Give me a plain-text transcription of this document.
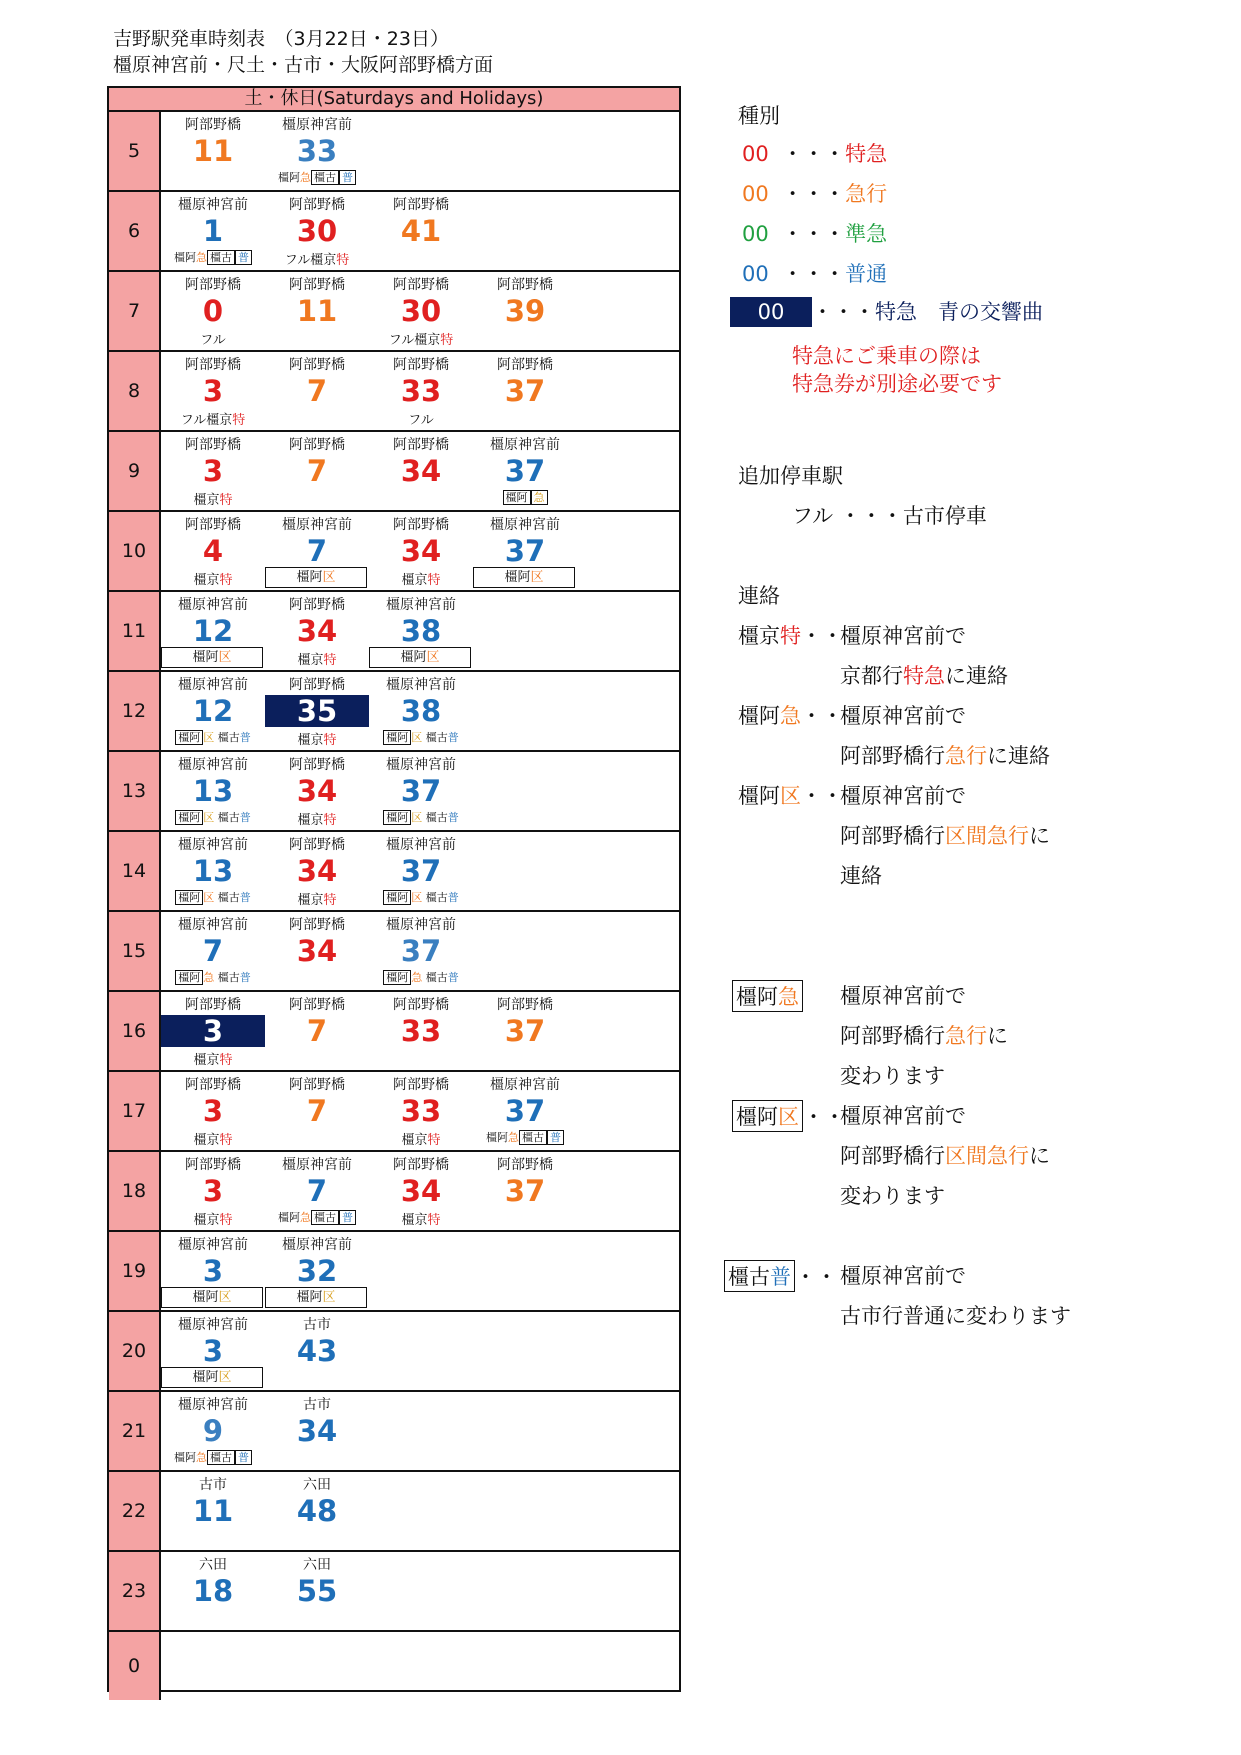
吉野駅発車時刻表　（3月22日・23日）
橿原神宮前・尺土・古市・大阪阿部野橋方面
土・休日(Saturdays and Holidays)
5
阿部野橋
11
橿原神宮前
33
橿阿急 橿古 普
6
橿原神宮前
1
橿阿急 橿古 普
阿部野橋
30
フル橿京特
阿部野橋
41
7
阿部野橋
0
フル
阿部野橋
11
阿部野橋
30
フル橿京特
阿部野橋
39
8
阿部野橋
3
フル橿京特
阿部野橋
7
阿部野橋
33
フル
阿部野橋
37
9
阿部野橋
3
橿京特
阿部野橋
7
阿部野橋
34
橿原神宮前
37
橿阿 急
10
阿部野橋
4
橿京特
橿原神宮前
7
橿阿区
阿部野橋
34
橿京特
橿原神宮前
37
橿阿区
11
橿原神宮前
12
橿阿区
阿部野橋
34
橿京特
橿原神宮前
38
橿阿区
12
橿原神宮前
12
橿阿 区 橿古普
阿部野橋
35
橿京特
橿原神宮前
38
橿阿 区 橿古普
13
橿原神宮前
13
橿阿 区 橿古普
阿部野橋
34
橿京特
橿原神宮前
37
橿阿 区 橿古普
14
橿原神宮前
13
橿阿 区 橿古普
阿部野橋
34
橿京特
橿原神宮前
37
橿阿 区 橿古普
15
橿原神宮前
7
橿阿 急 橿古普
阿部野橋
34
橿原神宮前
37
橿阿 急 橿古普
16
阿部野橋
3
橿京特
阿部野橋
7
阿部野橋
33
阿部野橋
37
17
阿部野橋
3
橿京特
阿部野橋
7
阿部野橋
33
橿京特
橿原神宮前
37
橿阿急 橿古 普
18
阿部野橋
3
橿京特
橿原神宮前
7
橿阿急 橿古 普
阿部野橋
34
橿京特
阿部野橋
37
19
橿原神宮前
3
橿阿区
橿原神宮前
32
橿阿区
20
橿原神宮前
3
橿阿区
古市
43
21
橿原神宮前
9
橿阿急 橿古 普
古市
34
22
古市
11
六田
48
23
六田
18
六田
55
0
種別
00 ・・・特急
00 ・・・急行
00 ・・・準急
00 ・・・普通
00 ・・・特急　青の交響曲
特急にご乗車の際は
特急券が別途必要です
追加停車駅
フル ・・・古市停車
連絡
橿京特・・
橿原神宮前で
京都行特急に連絡
橿阿急・・
橿原神宮前で
阿部野橋行急行に連絡
橿阿区・・
橿原神宮前で
阿部野橋行区間急行に
連絡
橿阿急 橿原神宮前で
阿部野橋行急行に
変わります
橿阿区 ・・
橿原神宮前で
阿部野橋行区間急行に
変わります
橿古普 ・・ 橿原神宮前で
古市行普通に変わります
